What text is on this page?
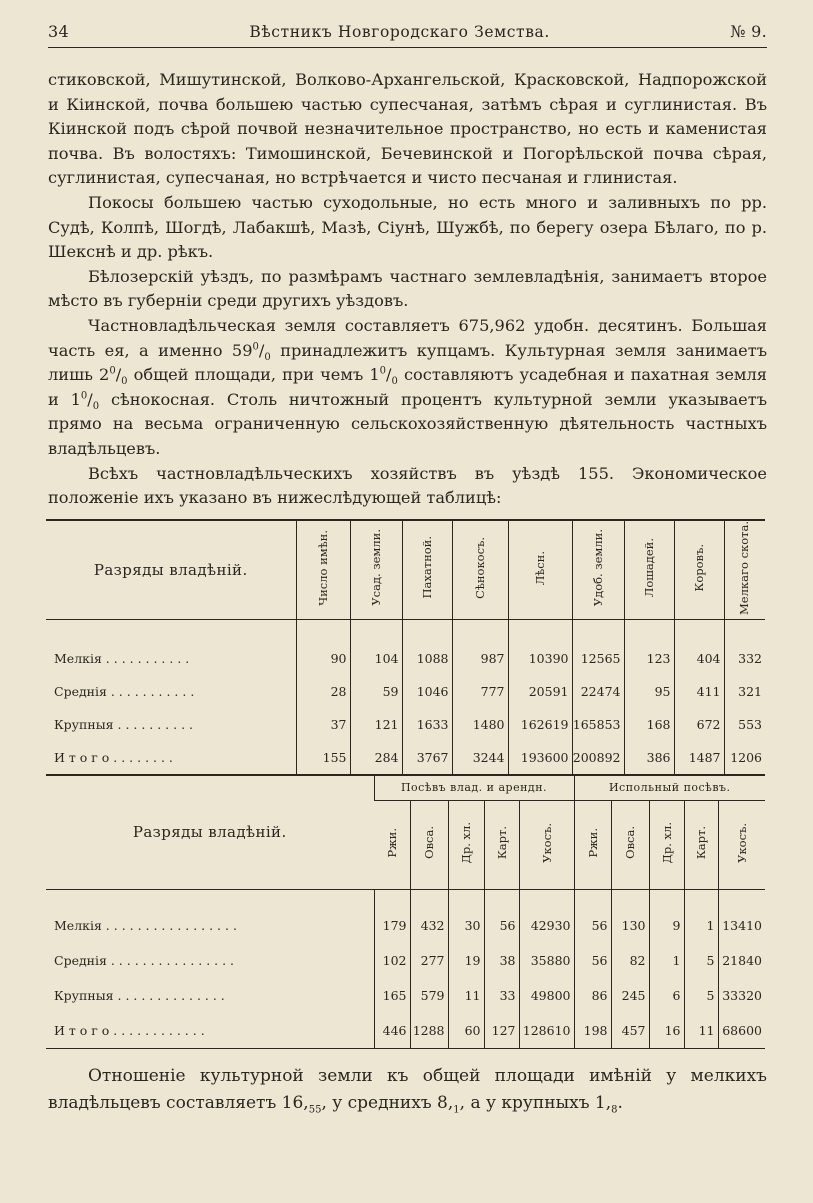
34	Вѣстникъ Новгородскаго Земства.	№ 9.

стиковской, Мишутинской, Волково-Архангельской, Красковской, Надпорожской и Кіинской, почва большею частью супесчаная, затѣмъ сѣрая и суглинистая. Въ Кіинской подъ сѣрой почвой незначительное пространство, но есть и каменистая почва. Въ волостяхъ: Тимошинской, Бечевинской и Погорѣльской почва сѣрая, суглинистая, супесчаная, но встрѣчается и чисто песчаная и глинистая.

Покосы большею частью суходольные, но есть много и заливныхъ по рр. Судѣ, Колпѣ, Шогдѣ, Лабакшѣ, Мазѣ, Сіунѣ, Шужбѣ, по берегу озера Бѣлаго, по р. Шекснѣ и др. рѣкъ.

Бѣлозерскій уѣздъ, по размѣрамъ частнаго землевладѣнія, занимаетъ второе мѣсто въ губерніи среди другихъ уѣздовъ.

Частновладѣльческая земля составляетъ 675,962 удобн. десятинъ. Большая часть ея, а именно $59^0/_0$ принадлежитъ купцамъ. Культурная земля занимаетъ лишь $2^0/_0$ общей площади, при чемъ $1^0/_0$ составляютъ усадебная и пахатная земля и $1^0/_0$ сѣнокосная. Столь ничтожный процентъ культурной земли указываетъ прямо на весьма ограниченную сельскохозяйственную дѣятельность частныхъ владѣльцевъ.

Всѣхъ частновладѣльческихъ хозяйствъ въ уѣздѣ 155. Экономическое положеніе ихъ указано въ нижеслѣдующей таблицѣ:

Разряды владѣній.	Число имѣн.	Усад. земли.	Пахатной.	Сѣнокосъ.	Лѣсн.	Удоб. земли.	Лошадей.	Коровъ.	Мелкаго скота.

Мелкія . . . . . . . . . . .	90	104	1088	987	10390	12565	123	404	332
Среднія . . . . . . . . . . .	28	59	1046	777	20591	22474	95	411	321
Крупныя . . . . . . . . . .	37	121	1633	1480	162619	165853	168	672	553
И т о г о . . . . . . . .	155	284	3767	3244	193600	200892	386	1487	1206
Разряды владѣній.	Посѣвъ влад. и арендн.					Испольный посѣвъ.				
	Ржи.	Овса.	Др. хл.	Карт.	Укосъ.	Ржи.	Овса.	Др. хл.	Карт.	Укосъ.

Мелкія . . . . . . . . . . . . . . . . .	179	432	30	56	42930	56	130	9	1	13410
Среднія . . . . . . . . . . . . . . . .	102	277	19	38	35880	56	82	1	5	21840
Крупныя . . . . . . . . . . . . . .	165	579	11	33	49800	86	245	6	5	33320
И т о г о . . . . . . . . . . . .	446	1288	60	127	128610	198	457	16	11	68600

Отношеніе культурной земли къ общей площади имѣній у мелкихъ владѣльцевъ составляетъ $16,_{55}$, у среднихъ $8,_1$, а у крупныхъ $1,_8$.
